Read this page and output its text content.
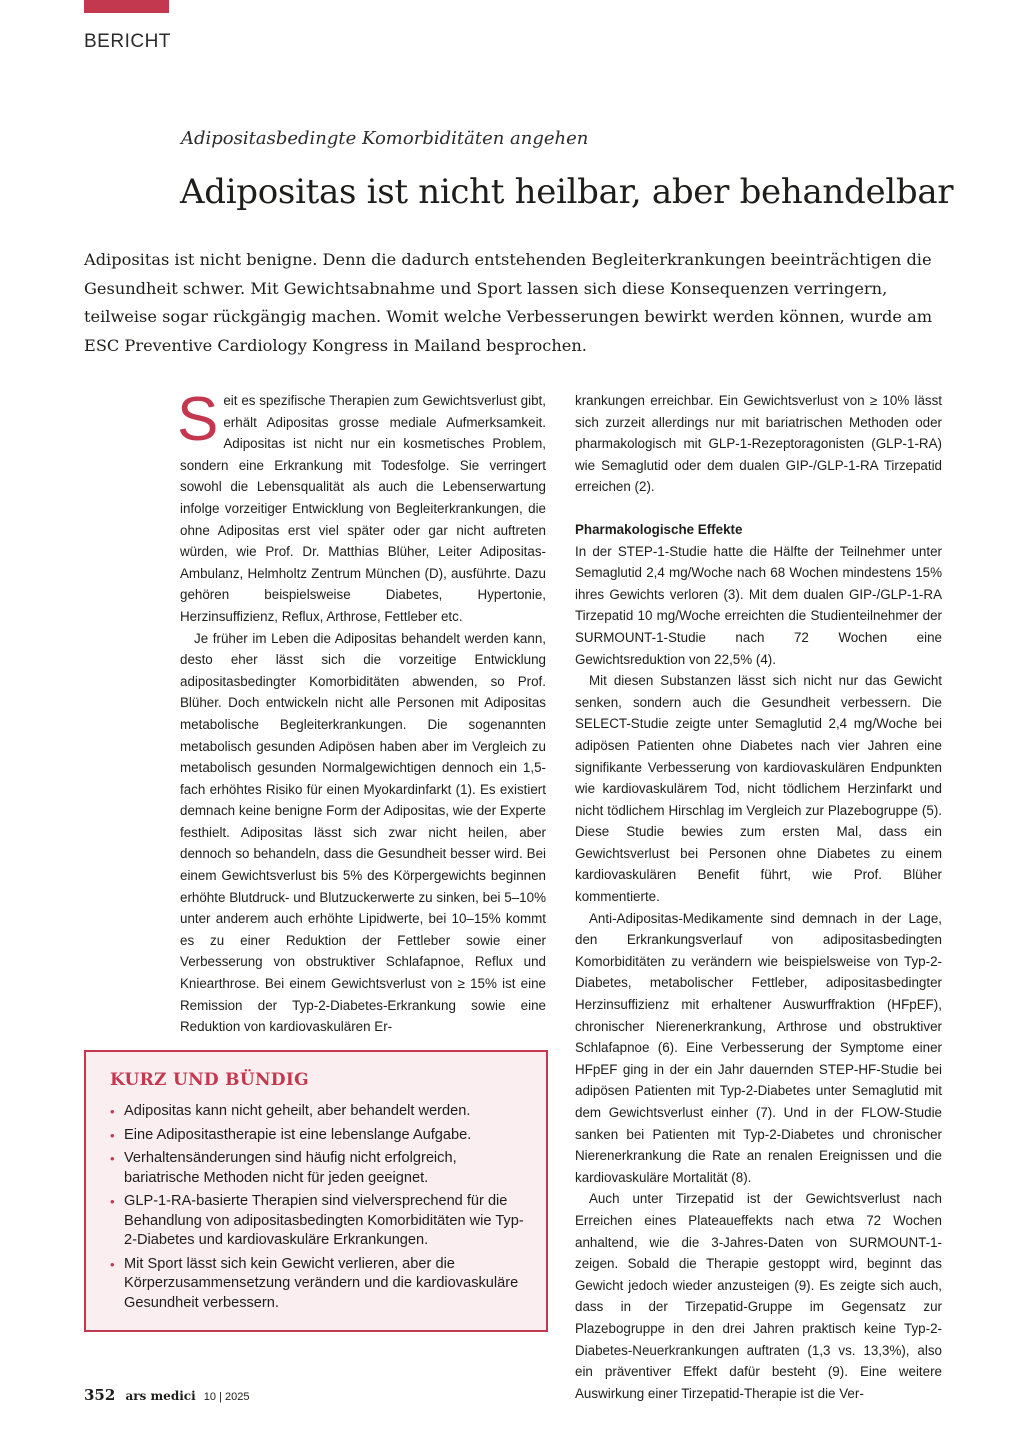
BERICHT
Adipositasbedingte Komorbiditäten angehen
Adipositas ist nicht heilbar, aber behandelbar

Adipositas ist nicht benigne. Denn die dadurch entstehenden Begleiterkrankungen beeinträchtigen die Gesundheit schwer. Mit Gewichtsabnahme und Sport lassen sich diese Konsequenzen verringern, teilweise sogar rückgängig machen. Womit welche Verbesserungen bewirkt werden können, wurde am ESC Preventive Cardiology Kongress in Mailand besprochen.

Seit es spezifische Therapien zum Gewichtsverlust gibt, erhält Adipositas grosse mediale Aufmerksamkeit. Adipositas ist nicht nur ein kosmetisches Problem, sondern eine Erkrankung mit Todesfolge. Sie verringert sowohl die Lebensqualität als auch die Lebenserwartung infolge vorzeitiger Entwicklung von Begleiterkrankungen, die ohne Adipositas erst viel später oder gar nicht auftreten würden, wie Prof. Dr. Matthias Blüher, Leiter Adipositas-Ambulanz, Helmholtz Zentrum München (D), ausführte. Dazu gehören beispielsweise Diabetes, Hypertonie, Herzinsuffizienz, Reflux, Arthrose, Fettleber etc.

Je früher im Leben die Adipositas behandelt werden kann, desto eher lässt sich die vorzeitige Entwicklung adipositasbedingter Komorbiditäten abwenden, so Prof. Blüher. Doch entwickeln nicht alle Personen mit Adipositas metabolische Begleiterkrankungen. Die sogenannten metabolisch gesunden Adipösen haben aber im Vergleich zu metabolisch gesunden Normalgewichtigen dennoch ein 1,5-fach erhöhtes Risiko für einen Myokardinfarkt (1). Es existiert demnach keine benigne Form der Adipositas, wie der Experte festhielt. Adipositas lässt sich zwar nicht heilen, aber dennoch so behandeln, dass die Gesundheit besser wird. Bei einem Gewichtsverlust bis 5% des Körpergewichts beginnen erhöhte Blutdruck- und Blutzuckerwerte zu sinken, bei 5–10% unter anderem auch erhöhte Lipidwerte, bei 10–15% kommt es zu einer Reduktion der Fettleber sowie einer Verbesserung von obstruktiver Schlafapnoe, Reflux und Kniearthrose. Bei einem Gewichtsverlust von ≥ 15% ist eine Remission der Typ-2-Diabetes-Erkrankung sowie eine Reduktion von kardiovaskulären Er-

krankungen erreichbar. Ein Gewichtsverlust von ≥ 10% lässt sich zurzeit allerdings nur mit bariatrischen Methoden oder pharmakologisch mit GLP-1-Rezeptoragonisten (GLP-1-RA) wie Semaglutid oder dem dualen GIP-/GLP-1-RA Tirzepatid erreichen (2).

Pharmakologische Effekte

In der STEP-1-Studie hatte die Hälfte der Teilnehmer unter Semaglutid 2,4 mg/Woche nach 68 Wochen mindestens 15% ihres Gewichts verloren (3). Mit dem dualen GIP-/GLP-1-RA Tirzepatid 10 mg/Woche erreichten die Studienteilnehmer der SURMOUNT-1-Studie nach 72 Wochen eine Gewichtsreduktion von 22,5% (4).

Mit diesen Substanzen lässt sich nicht nur das Gewicht senken, sondern auch die Gesundheit verbessern. Die SELECT-Studie zeigte unter Semaglutid 2,4 mg/Woche bei adipösen Patienten ohne Diabetes nach vier Jahren eine signifikante Verbesserung von kardiovaskulären Endpunkten wie kardiovaskulärem Tod, nicht tödlichem Herzinfarkt und nicht tödlichem Hirschlag im Vergleich zur Plazebogruppe (5). Diese Studie bewies zum ersten Mal, dass ein Gewichtsverlust bei Personen ohne Diabetes zu einem kardiovaskulären Benefit führt, wie Prof. Blüher kommentierte.

Anti-Adipositas-Medikamente sind demnach in der Lage, den Erkrankungsverlauf von adipositasbedingten Komorbiditäten zu verändern wie beispielsweise von Typ-2-Diabetes, metabolischer Fettleber, adipositasbedingter Herzinsuffizienz mit erhaltener Auswurffraktion (HFpEF), chronischer Nierenerkrankung, Arthrose und obstruktiver Schlafapnoe (6). Eine Verbesserung der Symptome einer HFpEF ging in der ein Jahr dauernden STEP-HF-Studie bei adipösen Patienten mit Typ-2-Diabetes unter Semaglutid mit dem Gewichtsverlust einher (7). Und in der FLOW-Studie sanken bei Patienten mit Typ-2-Diabetes und chronischer Nierenerkrankung die Rate an renalen Ereignissen und die kardiovaskuläre Mortalität (8).

Auch unter Tirzepatid ist der Gewichtsverlust nach Erreichen eines Plateaueffekts nach etwa 72 Wochen anhaltend, wie die 3-Jahres-Daten von SURMOUNT-1-zeigen. Sobald die Therapie gestoppt wird, beginnt das Gewicht jedoch wieder anzusteigen (9). Es zeigte sich auch, dass in der Tirzepatid-Gruppe im Gegensatz zur Plazebogruppe in den drei Jahren praktisch keine Typ-2-Diabetes-Neuerkrankungen auftraten (1,3 vs. 13,3%), also ein präventiver Effekt dafür besteht (9). Eine weitere Auswirkung einer Tirzepatid-Therapie ist die Ver-

KURZ UND BÜNDIG
• Adipositas kann nicht geheilt, aber behandelt werden.
• Eine Adipositastherapie ist eine lebenslange Aufgabe.
• Verhaltensänderungen sind häufig nicht erfolgreich, bariatrische Methoden nicht für jeden geeignet.
• GLP-1-RA-basierte Therapien sind vielversprechend für die Behandlung von adipositasbedingten Komorbiditäten wie Typ-2-Diabetes und kardiovaskuläre Erkrankungen.
• Mit Sport lässt sich kein Gewicht verlieren, aber die Körperzusammensetzung verändern und die kardiovaskuläre Gesundheit verbessern.
352 ars medici 10 | 2025
